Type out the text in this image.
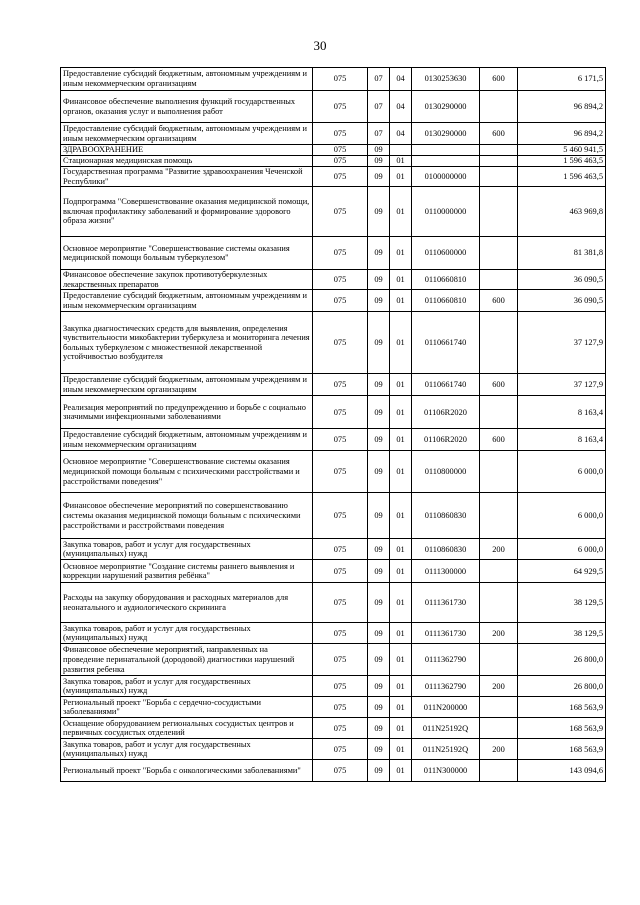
30
Предоставление субсидий бюджетным, автономным учреждениям и иным некоммерческим организациям	075	07	04	0130253630	600	6 171,5
Финансовое обеспечение выполнения функций государственных органов, оказания услуг и выполнения работ	075	07	04	0130290000		96 894,2
Предоставление субсидий бюджетным, автономным учреждениям и иным некоммерческим организациям	075	07	04	0130290000	600	96 894,2
ЗДРАВООХРАНЕНИЕ	075	09				5 460 941,5
Стационарная медицинская помощь	075	09	01			1 596 463,5
Государственная программа "Развитие здравоохранения Чеченской Республики"	075	09	01	0100000000		1 596 463,5
Подпрограмма "Совершенствование оказания медицинской помощи, включая профилактику заболеваний и формирование здорового образа жизни"	075	09	01	0110000000		463 969,8
Основное мероприятие "Совершенствование системы оказания медицинской помощи больным туберкулезом"	075	09	01	0110600000		81 381,8
Финансовое обеспечение закупок противотуберкулезных лекарственных препаратов	075	09	01	0110660810		36 090,5
Предоставление субсидий бюджетным, автономным учреждениям и иным некоммерческим организациям	075	09	01	0110660810	600	36 090,5
Закупка диагностических средств для выявления, определения чувствительности микобактерии туберкулеза и мониторинга лечения больных туберкулезом с множественной лекарственной устойчивостью возбудителя	075	09	01	0110661740		37 127,9
Предоставление субсидий бюджетным, автономным учреждениям и иным некоммерческим организациям	075	09	01	0110661740	600	37 127,9
Реализация мероприятий по предупреждению и борьбе с социально значимыми инфекционными заболеваниями	075	09	01	01106R2020		8 163,4
Предоставление субсидий бюджетным, автономным учреждениям и иным некоммерческим организациям	075	09	01	01106R2020	600	8 163,4
Основное мероприятие "Совершенствование системы оказания медицинской помощи больным с психическими расстройствами и расстройствами поведения"	075	09	01	0110800000		6 000,0
Финансовое обеспечение мероприятий по совершенствованию системы оказания медицинской помощи больным с психическими расстройствами и расстройствами поведения	075	09	01	0110860830		6 000,0
Закупка товаров, работ и услуг для государственных (муниципальных) нужд	075	09	01	0110860830	200	6 000,0
Основное мероприятие "Создание системы раннего выявления и коррекции нарушений развития ребёнка"	075	09	01	0111300000		64 929,5
Расходы на закупку оборудования и расходных материалов для неонатального и аудиологического скрининга	075	09	01	0111361730		38 129,5
Закупка товаров, работ и услуг для государственных (муниципальных) нужд	075	09	01	0111361730	200	38 129,5
Финансовое обеспечение мероприятий, направленных на проведение перинатальной (дородовой) диагностики нарушений развития ребенка	075	09	01	0111362790		26 800,0
Закупка товаров, работ и услуг для государственных (муниципальных) нужд	075	09	01	0111362790	200	26 800,0
Региональный проект "Борьба с сердечно-сосудистыми заболеваниями"	075	09	01	011N200000		168 563,9
Оснащение оборудованием региональных сосудистых центров и первичных сосудистых отделений	075	09	01	011N25192Q		168 563,9
Закупка товаров, работ и услуг для государственных (муниципальных) нужд	075	09	01	011N25192Q	200	168 563,9
Региональный проект "Борьба с онкологическими заболеваниями"	075	09	01	011N300000		143 094,6
